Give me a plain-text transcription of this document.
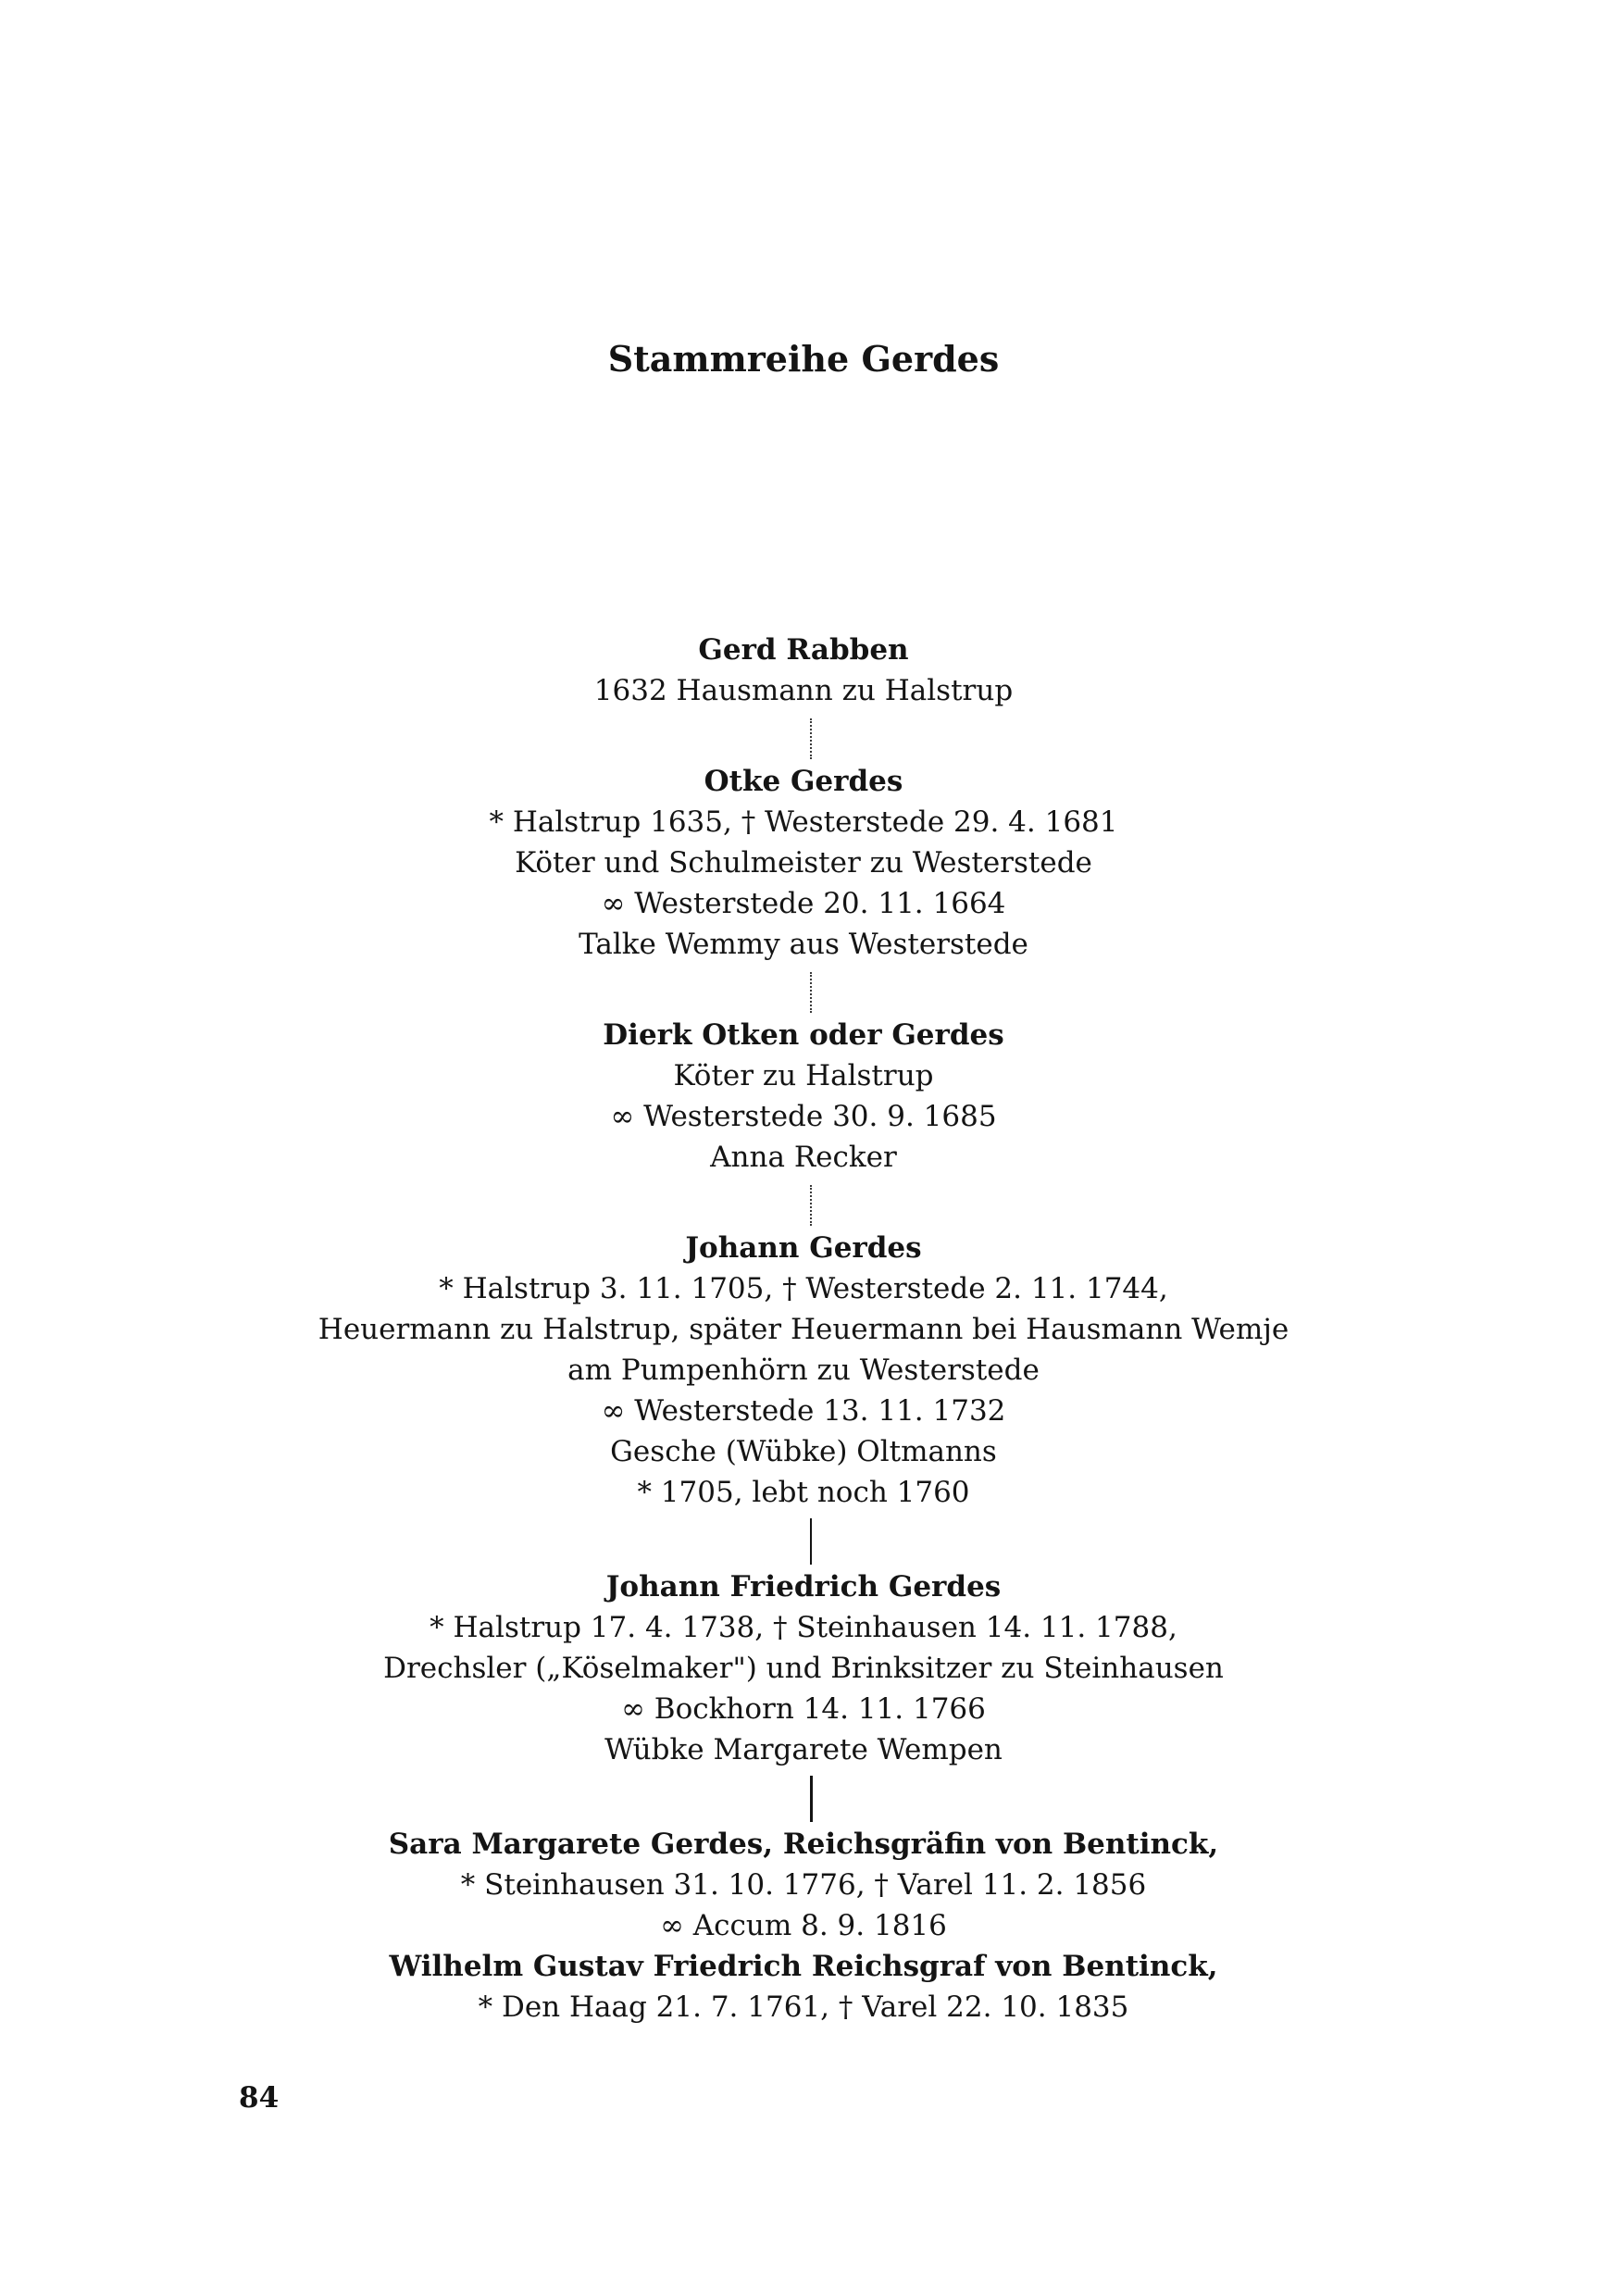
Stammreihe Gerdes
Gerd Rabben
1632 Hausmann zu Halstrup
Otke Gerdes
* Halstrup 1635, † Westerstede 29. 4. 1681
Köter und Schulmeister zu Westerstede
∞ Westerstede 20. 11. 1664
Talke Wemmy aus Westerstede
Dierk Otken oder Gerdes
Köter zu Halstrup
∞ Westerstede 30. 9. 1685
Anna Recker
Johann Gerdes
* Halstrup 3. 11. 1705, † Westerstede 2. 11. 1744,
Heuermann zu Halstrup, später Heuermann bei Hausmann Wemje
am Pumpenhörn zu Westerstede
∞ Westerstede 13. 11. 1732
Gesche (Wübke) Oltmanns
* 1705, lebt noch 1760
Johann Friedrich Gerdes
* Halstrup 17. 4. 1738, † Steinhausen 14. 11. 1788,
Drechsler („Köselmaker") und Brinksitzer zu Steinhausen
∞ Bockhorn 14. 11. 1766
Wübke Margarete Wempen
Sara Margarete Gerdes, Reichsgräfin von Bentinck,
* Steinhausen 31. 10. 1776, † Varel 11. 2. 1856
∞ Accum 8. 9. 1816
Wilhelm Gustav Friedrich Reichsgraf von Bentinck,
* Den Haag 21. 7. 1761, † Varel 22. 10. 1835
84
